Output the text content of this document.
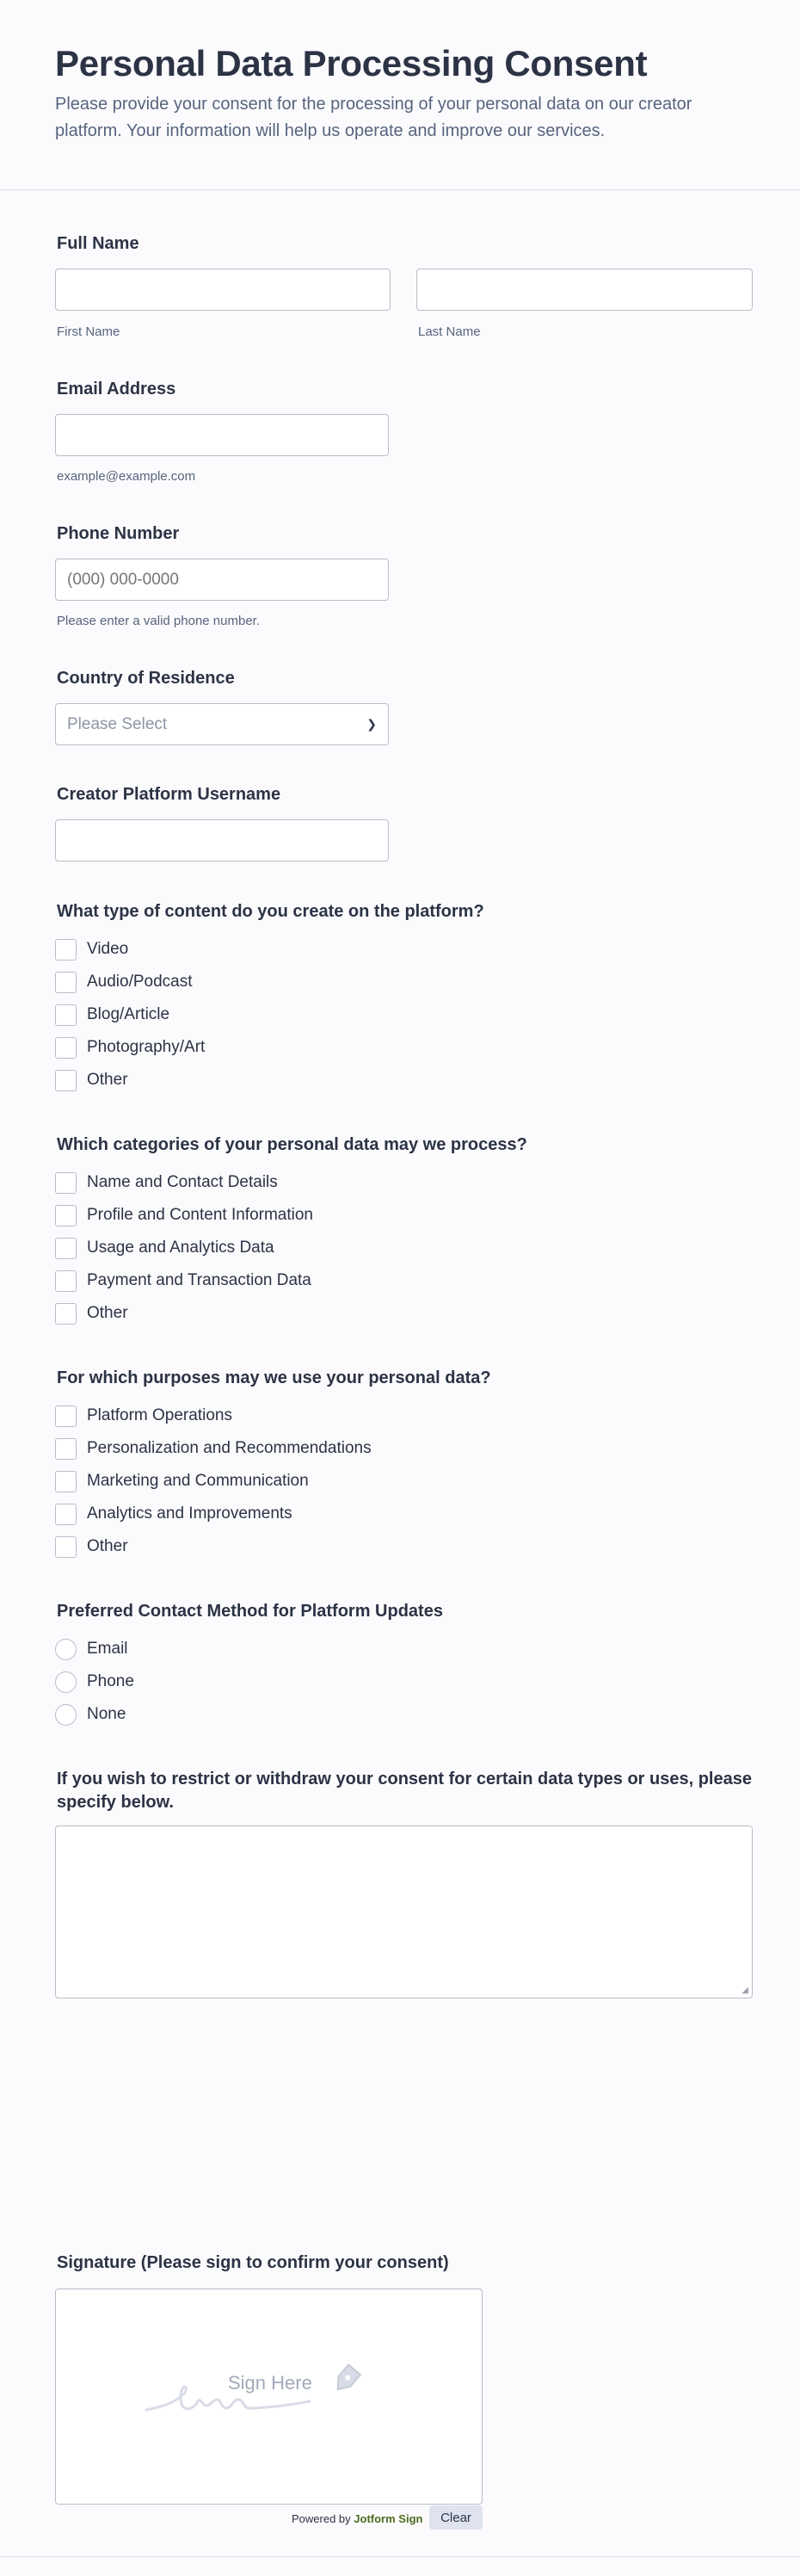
Personal Data Processing Consent

Please provide your consent for the processing of your personal data on our creator platform. Your information will help us operate and improve our services.

Full Name
First Name	Last Name
Email Address
example@example.com
Phone Number
(000) 000-0000
Please enter a valid phone number.
Country of Residence
Please Select	❯
Creator Platform Username
What type of content do you create on the platform?
Video
Audio/Podcast
Blog/Article
Photography/Art
Other
Which categories of your personal data may we process?
Name and Contact Details
Profile and Content Information
Usage and Analytics Data
Payment and Transaction Data
Other
For which purposes may we use your personal data?
Platform Operations
Personalization and Recommendations
Marketing and Communication
Analytics and Improvements
Other
Preferred Contact Method for Platform Updates
Email
Phone
None
If you wish to restrict or withdraw your consent for certain data types or uses, please specify below.
◢
Signature (Please sign to confirm your consent)
Sign Here
Powered by Jotform Sign	Clear
